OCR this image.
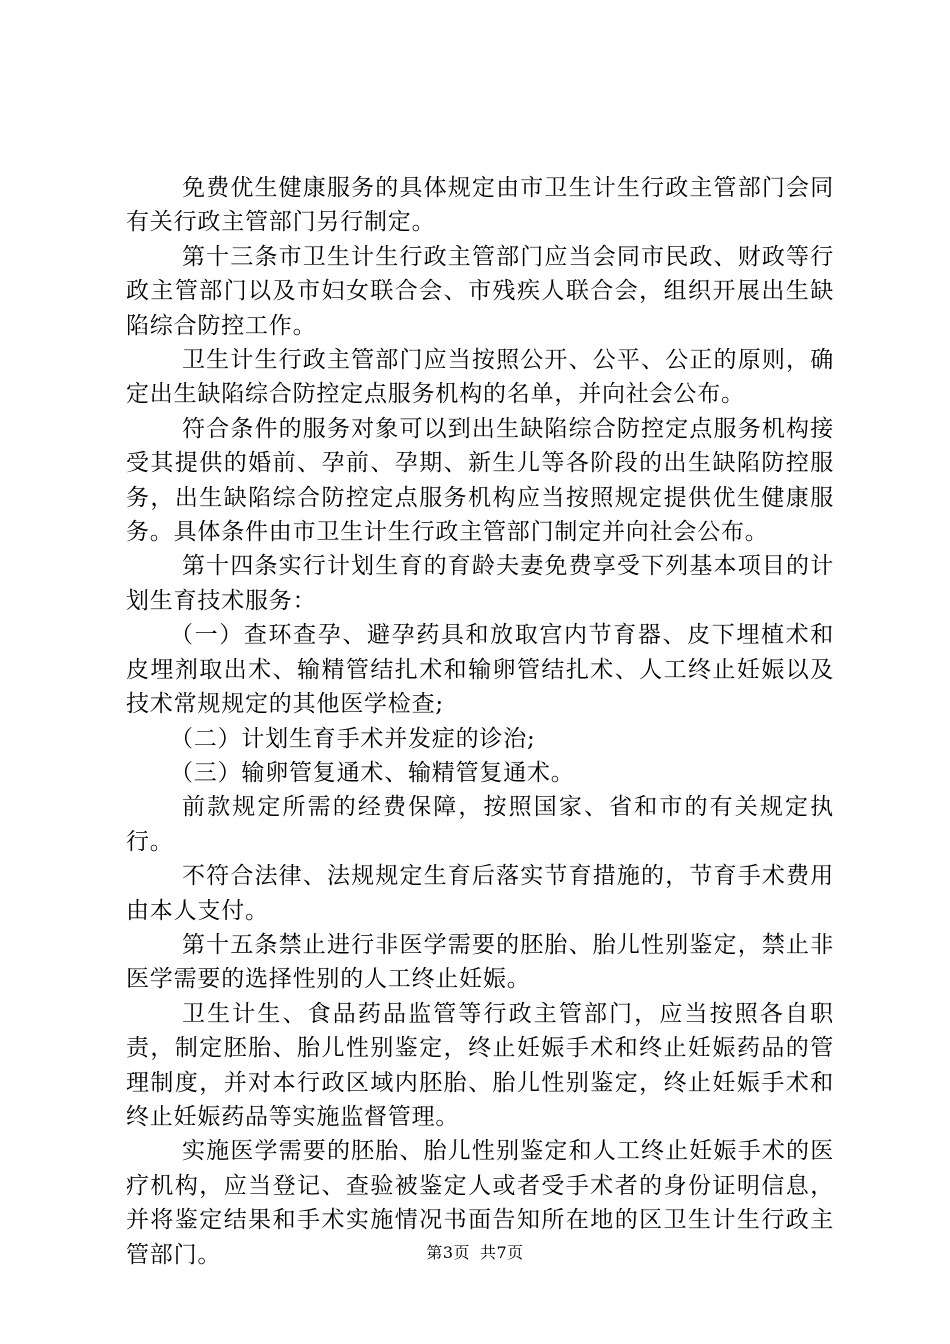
免费优生健康服务的具体规定由市卫生计生行政主管部门会同有关行政主管部门另行制定。

第十三条市卫生计生行政主管部门应当会同市民政、财政等行政主管部门以及市妇女联合会、市残疾人联合会，组织开展出生缺陷综合防控工作。

卫生计生行政主管部门应当按照公开、公平、公正的原则，确定出生缺陷综合防控定点服务机构的名单，并向社会公布。

符合条件的服务对象可以到出生缺陷综合防控定点服务机构接受其提供的婚前、孕前、孕期、新生儿等各阶段的出生缺陷防控服务，出生缺陷综合防控定点服务机构应当按照规定提供优生健康服务。具体条件由市卫生计生行政主管部门制定并向社会公布。

第十四条实行计划生育的育龄夫妻免费享受下列基本项目的计划生育技术服务：

（一）查环查孕、避孕药具和放取宫内节育器、皮下埋植术和皮埋剂取出术、输精管结扎术和输卵管结扎术、人工终止妊娠以及技术常规规定的其他医学检查;

（二）计划生育手术并发症的诊治;

（三）输卵管复通术、输精管复通术。

前款规定所需的经费保障，按照国家、省和市的有关规定执行。

不符合法律、法规规定生育后落实节育措施的，节育手术费用由本人支付。

第十五条禁止进行非医学需要的胚胎、胎儿性别鉴定，禁止非医学需要的选择性别的人工终止妊娠。

卫生计生、食品药品监管等行政主管部门，应当按照各自职责，制定胚胎、胎儿性别鉴定，终止妊娠手术和终止妊娠药品的管理制度，并对本行政区域内胚胎、胎儿性别鉴定，终止妊娠手术和终止妊娠药品等实施监督管理。

实施医学需要的胚胎、胎儿性别鉴定和人工终止妊娠手术的医疗机构，应当登记、查验被鉴定人或者受手术者的身份证明信息，并将鉴定结果和手术实施情况书面告知所在地的区卫生计生行政主管部门。	第3页 共7页
